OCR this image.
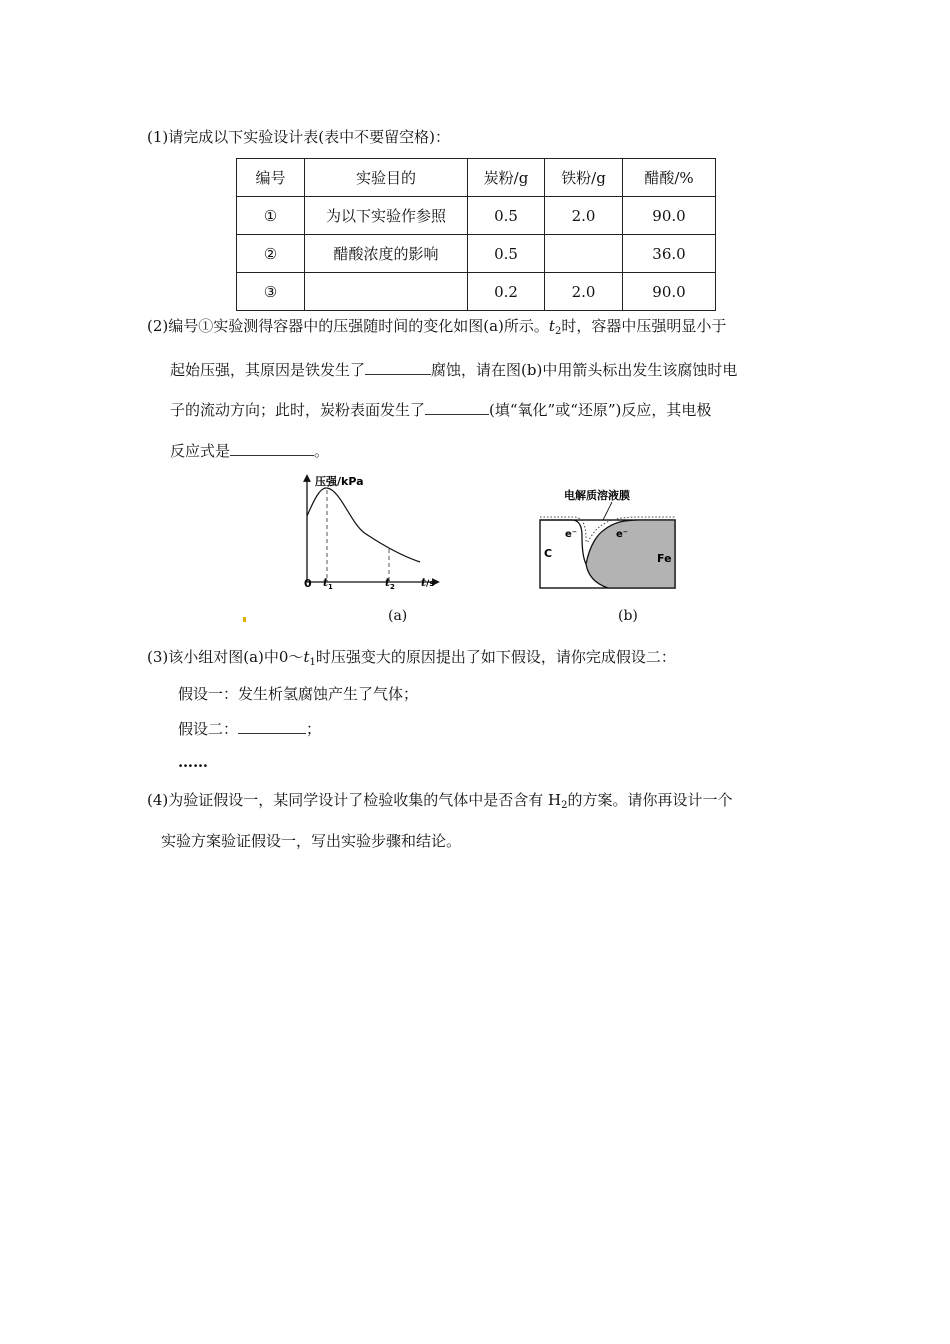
(1)请完成以下实验设计表(表中不要留空格)：
编号	实验目的	炭粉/g	铁粉/g	醋酸/%
①	为以下实验作参照	0.5	2.0	90.0
②	醋酸浓度的影响	0.5		36.0
③		0.2	2.0	90.0
(2)编号①实验测得容器中的压强随时间的变化如图(a)所示。$t_2$时，容器中压强明显小于
起始压强，其原因是铁发生了	腐蚀，请在图(b)中用箭头标出发生该腐蚀时电
子的流动方向；此时，炭粉表面发生了	(填“氧化”或“还原”)反应，其电极
反应式是	。
压强/kPa
0 t 1	t 2 t /s
(a)
电解质溶液膜
e⁻	e⁻
C	Fe
(b)
(3)该小组对图(a)中$0\sim t_1$时压强变大的原因提出了如下假设，请你完成假设二：
假设一：发生析氢腐蚀产生了气体；
假设二：	；
……
(4)为验证假设一，某同学设计了检验收集的气体中是否含有 $H_2$的方案。请你再设计一个
实验方案验证假设一，写出实验步骤和结论。
